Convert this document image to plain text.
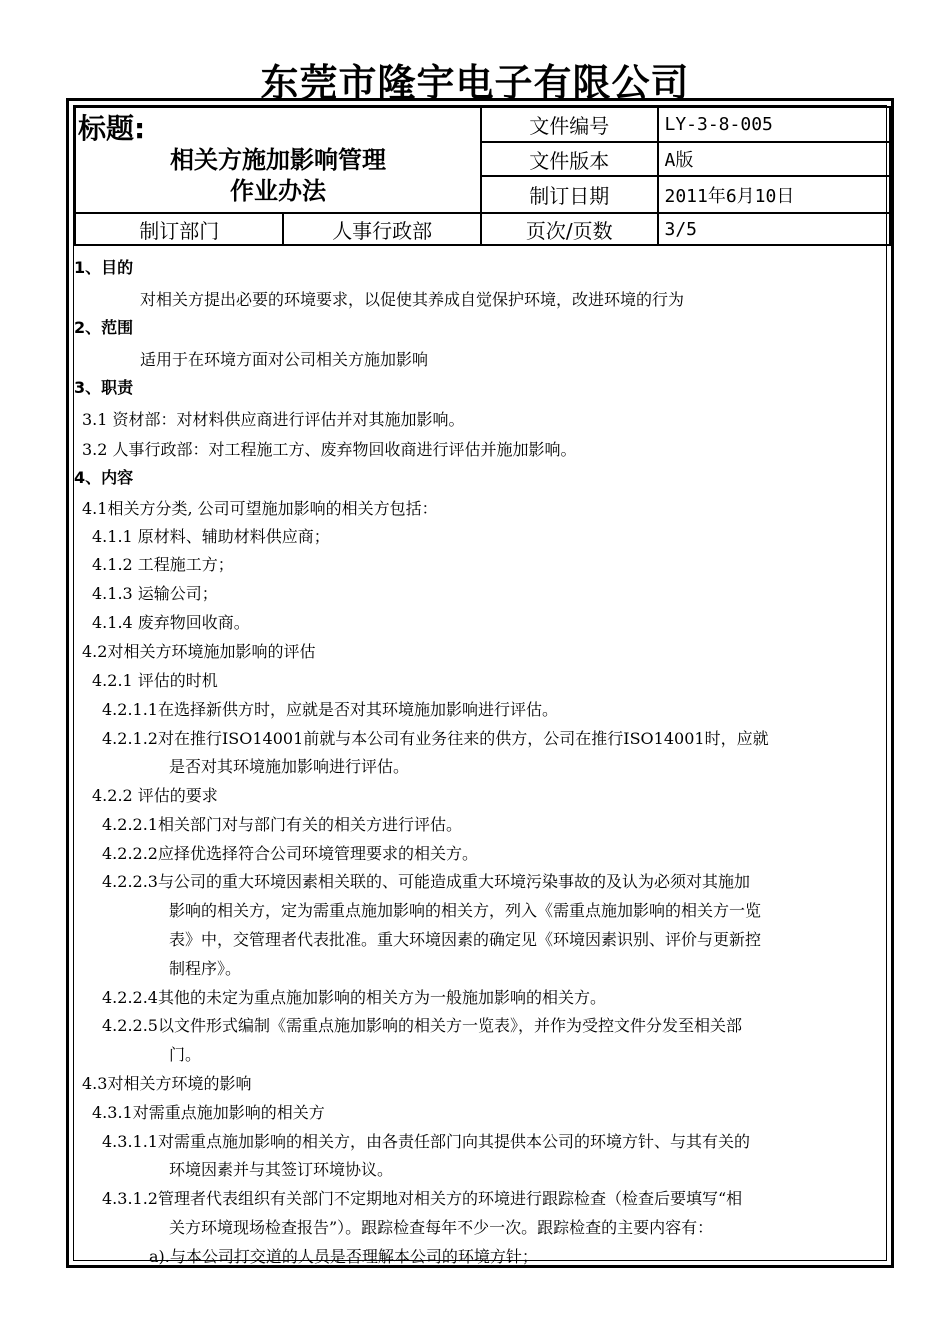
东莞市隆宇电子有限公司
标题:
相关方施加影响管理
作业办法		文件编号	LY-3-8-005
		文件版本	A版
		制订日期	2011年6月10日
制订部门	人事行政部	页次/页数	3/5
1、目的
对相关方提出必要的环境要求，以促使其养成自觉保护环境，改进环境的行为
2、范围
适用于在环境方面对公司相关方施加影响
3、职责
3.1 资材部：对材料供应商进行评估并对其施加影响。
3.2 人事行政部：对工程施工方、废弃物回收商进行评估并施加影响。
4、内容
4.1相关方分类, 公司可望施加影响的相关方包括：
4.1.1 原材料、辅助材料供应商；
4.1.2 工程施工方；
4.1.3 运输公司；
4.1.4 废弃物回收商。
4.2对相关方环境施加影响的评估
4.2.1 评估的时机
4.2.1.1在选择新供方时，应就是否对其环境施加影响进行评估。
4.2.1.2对在推行ISO14001前就与本公司有业务往来的供方，公司在推行ISO14001时，应就
是否对其环境施加影响进行评估。
4.2.2 评估的要求
4.2.2.1相关部门对与部门有关的相关方进行评估。
4.2.2.2应择优选择符合公司环境管理要求的相关方。
4.2.2.3与公司的重大环境因素相关联的、可能造成重大环境污染事故的及认为必须对其施加
影响的相关方，定为需重点施加影响的相关方，列入《需重点施加影响的相关方一览
表》中，交管理者代表批准。重大环境因素的确定见《环境因素识别、评价与更新控
制程序》。
4.2.2.4其他的未定为重点施加影响的相关方为一般施加影响的相关方。
4.2.2.5以文件形式编制《需重点施加影响的相关方一览表》，并作为受控文件分发至相关部
门。
4.3对相关方环境的影响
4.3.1对需重点施加影响的相关方
4.3.1.1对需重点施加影响的相关方，由各责任部门向其提供本公司的环境方针、与其有关的
环境因素并与其签订环境协议。
4.3.1.2管理者代表组织有关部门不定期地对相关方的环境进行跟踪检查（检查后要填写“相
关方环境现场检查报告”）。跟踪检查每年不少一次。跟踪检查的主要内容有：
a).与本公司打交道的人员是否理解本公司的环境方针；
